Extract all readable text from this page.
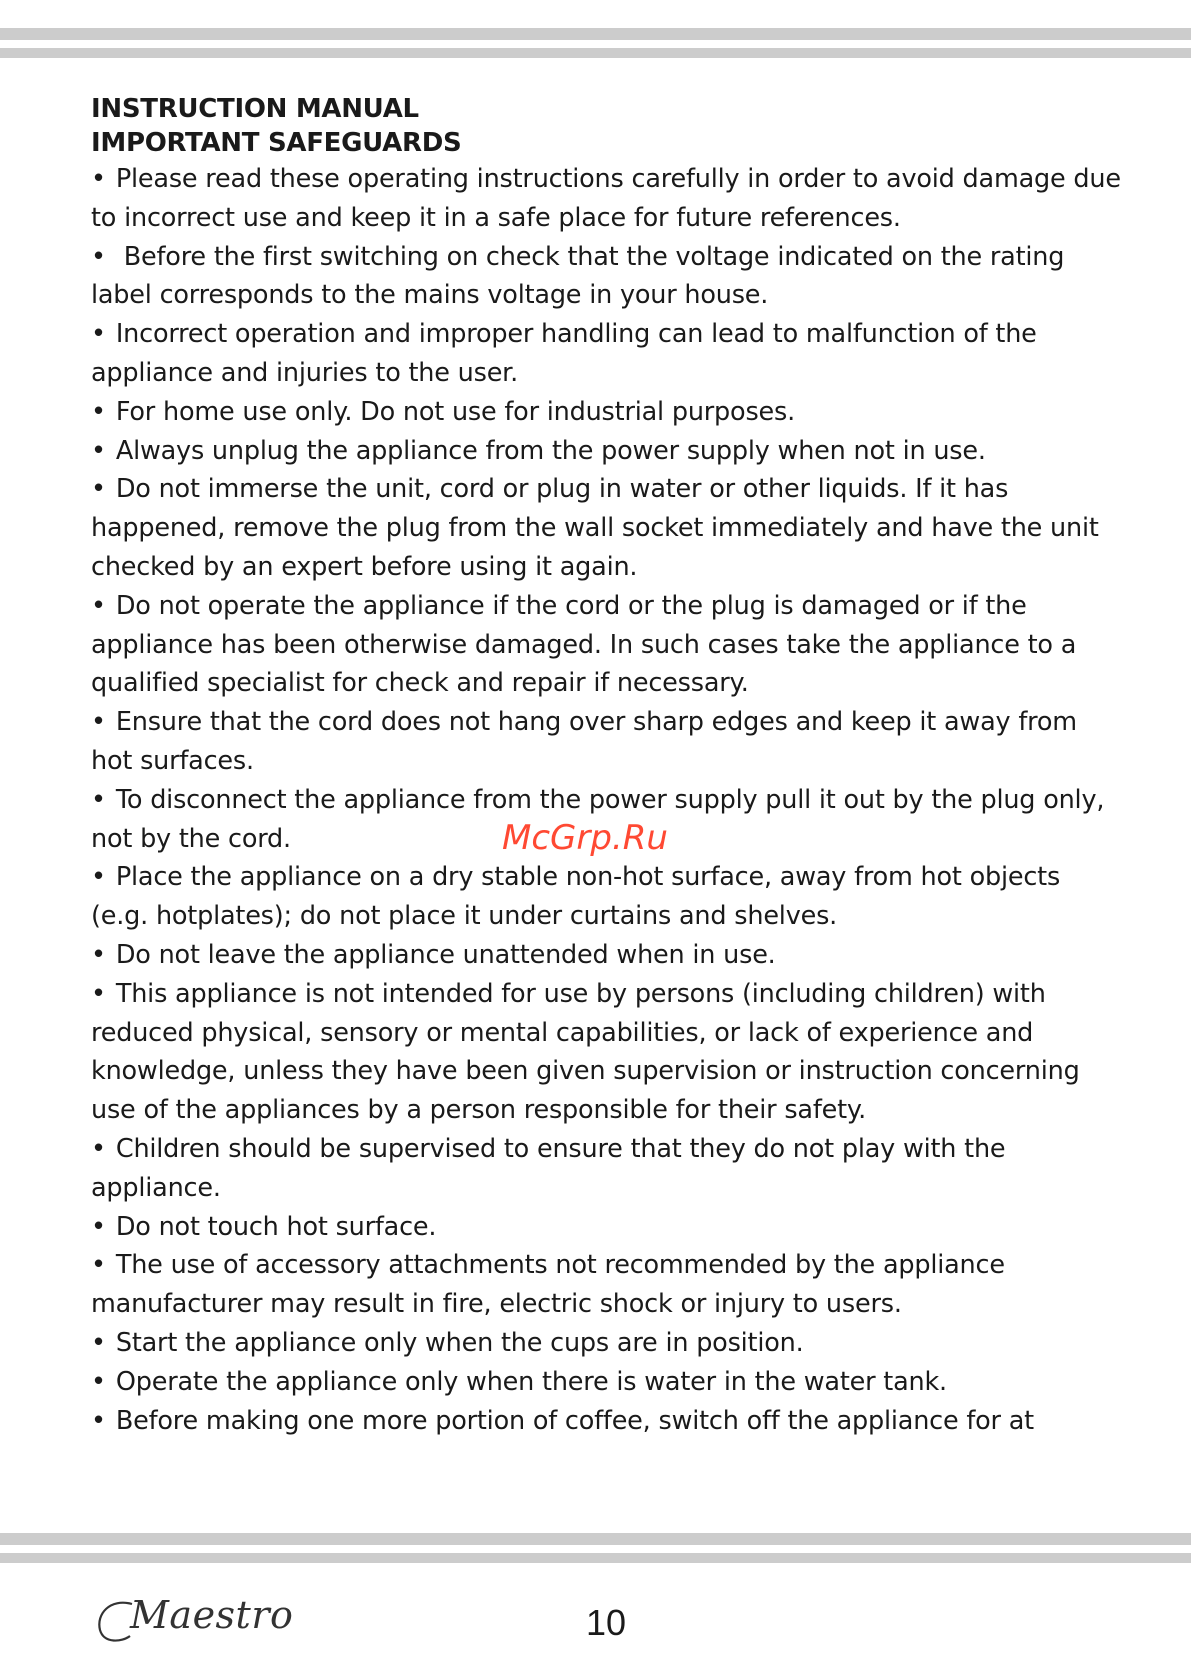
INSTRUCTION MANUAL
IMPORTANT SAFEGUARDS
• Please read these operating instructions carefully in order to avoid damage due to incorrect use and keep it in a safe place for future references.
• Before the first switching on check that the voltage indicated on the rating label corresponds to the mains voltage in your house.
• Incorrect operation and improper handling can lead to malfunction of the appliance and injuries to the user.
• For home use only. Do not use for industrial purposes.
• Always unplug the appliance from the power supply when not in use.
• Do not immerse the unit, cord or plug in water or other liquids. If it has happened, remove the plug from the wall socket immediately and have the unit checked by an expert before using it again.
• Do not operate the appliance if the cord or the plug is damaged or if the appliance has been otherwise damaged. In such cases take the appliance to a qualified specialist for check and repair if necessary.
• Ensure that the cord does not hang over sharp edges and keep it away from hot surfaces.
• To disconnect the appliance from the power supply pull it out by the plug only, not by the cord.
• Place the appliance on a dry stable non-hot surface, away from hot objects (e.g. hotplates); do not place it under curtains and shelves.
• Do not leave the appliance unattended when in use.
• This appliance is not intended for use by persons (including children) with reduced physical, sensory or mental capabilities, or lack of experience and knowledge, unless they have been given supervision or instruction concerning use of the appliances by a person responsible for their safety.
• Children should be supervised to ensure that they do not play with the appliance.
• Do not touch hot surface.
• The use of accessory attachments not recommended by the appliance manufacturer may result in fire, electric shock or injury to users.
• Start the appliance only when the cups are in position.
• Operate the appliance only when there is water in the water tank.
• Before making one more portion of coffee, switch off the appliance for at
McGrp.Ru
Maestro	10
